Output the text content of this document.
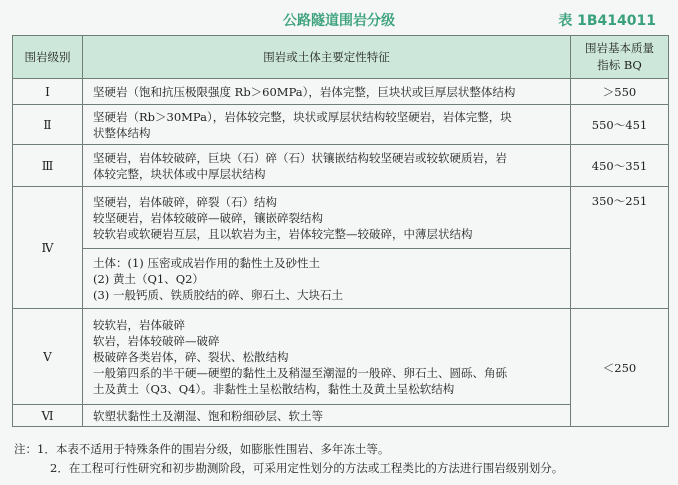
公路隧道围岩分级	表 1B414011
围岩级别	围岩或土体主要定性特征	围岩基本质量
指标 BQ
Ⅰ	坚硬岩（饱和抗压极限强度 Rb＞60MPa），岩体完整，巨块状或巨厚层状整体结构	＞550
Ⅱ	坚硬岩（Rb＞30MPa），岩体较完整，块状或厚层状结构较坚硬岩，岩体完整，块
状整体结构	550～451
Ⅲ	坚硬岩，岩体较破碎，巨块（石）碎（石）状镶嵌结构较坚硬岩或较软硬质岩，岩
体较完整，块状体或中厚层状结构	450～351
Ⅳ	坚硬岩，岩体破碎，碎裂（石）结构
较坚硬岩，岩体较破碎—破碎，镶嵌碎裂结构
较软岩或软硬岩互层，且以软岩为主，岩体较完整—较破碎，中薄层状结构	350～251

	土体：(1) 压密或成岩作用的黏性土及砂性土
(2) 黄土（Q1、Q2）
(3) 一般钙质、铁质胶结的碎、卵石土、大块石土	

Ⅴ	较软岩，岩体破碎
软岩，岩体较破碎—破碎
极破碎各类岩体，碎、裂状、松散结构
一般第四系的半干硬—硬塑的黏性土及稍湿至潮湿的一般碎、卵石土、圆砾、角砾
土及黄土（Q3、Q4）。非黏性土呈松散结构，黏性土及黄土呈松软结构	＜250
Ⅵ	软塑状黏性土及潮湿、饱和粉细砂层、软土等	
注：1．本表不适用于特殊条件的围岩分级，如膨胀性围岩、多年冻土等。
2．在工程可行性研究和初步勘测阶段，可采用定性划分的方法或工程类比的方法进行围岩级别划分。
